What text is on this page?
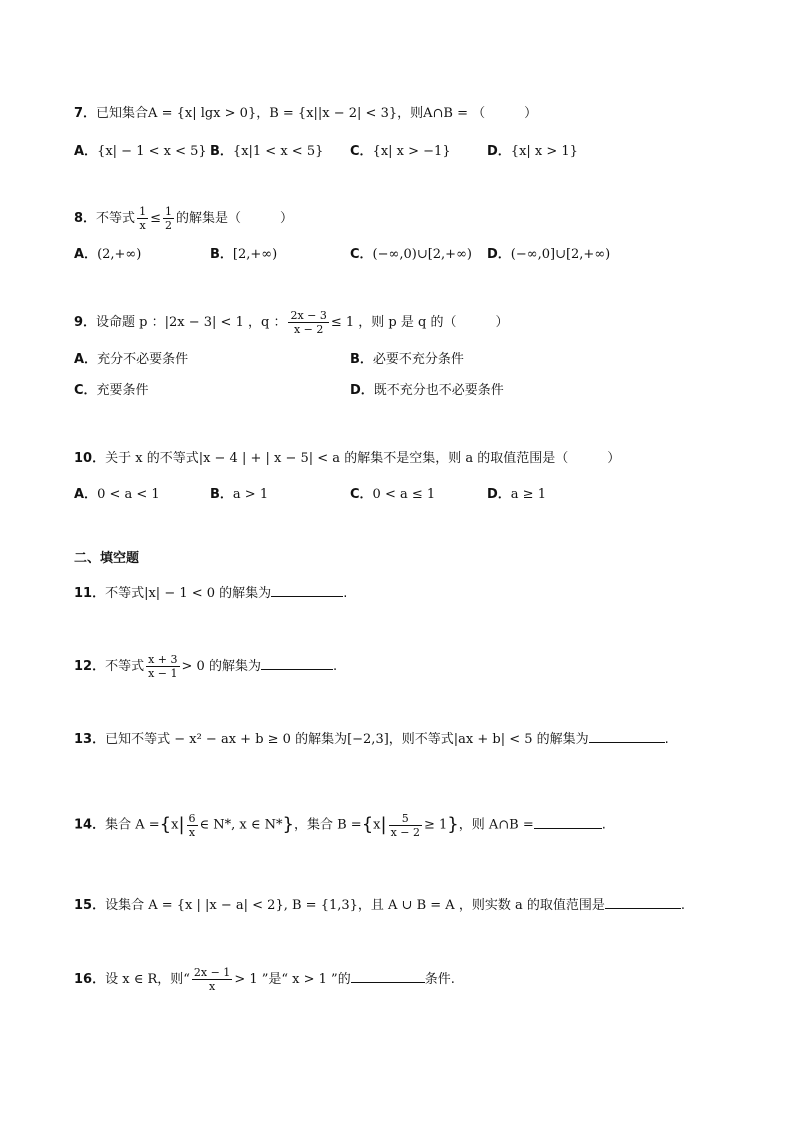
7．已知集合A = {x| lgx > 0}，B = {x||x − 2| < 3}，则A∩B = （　　　）
A．{x| − 1 < x < 5} B．{x|1 < x < 5} C．{x| x > −1}	D．{x| x > 1}
8．不等式 $\frac{1}{x} \le \frac{1}{2}$ 的解集是（　　　）
A．(2,+∞)	B．[2,+∞)	C．(−∞,0)∪[2,+∞) D．(−∞,0]∪[2,+∞)
9．设命题 p ：|2x − 3| < 1 ，q ： $\frac{2x - 3}{x - 2} \le 1$ ，则 p 是 q 的（　　　）
A．充分不必要条件	B．必要不充分条件
C．充要条件	D．既不充分也不必要条件
10．关于 x 的不等式|x − 4 | + | x − 5| < a 的解集不是空集，则 a 的取值范围是（　　　）
A．0 < a < 1	B．a > 1	C．0 < a ≤ 1	D．a ≥ 1
二、填空题
11．不等式|x| − 1 < 0 的解集为	.
12．不等式 $\frac{x + 3}{x - 1} > 0$ 的解集为	.
13．已知不等式 − x² − ax + b ≥ 0 的解集为[−2,3]，则不等式|ax + b| < 5 的解集为	.
14．集合 $A =\{x| \frac{6}{x}$ ∈ N*, x ∈ N*}，集合 $B =\{x| \frac{5}{x - 2} \ge 1\}$，则 A∩B =	.
15．设集合 A = {x | |x − a| < 2}, B = {1,3}，且 A ∪ B = A ，则实数 a 的取值范围是	.
16．设 x ∈ R，则“ $\frac{2x - 1}{x} > 1$ ”是“ x > 1 ”的	条件.
